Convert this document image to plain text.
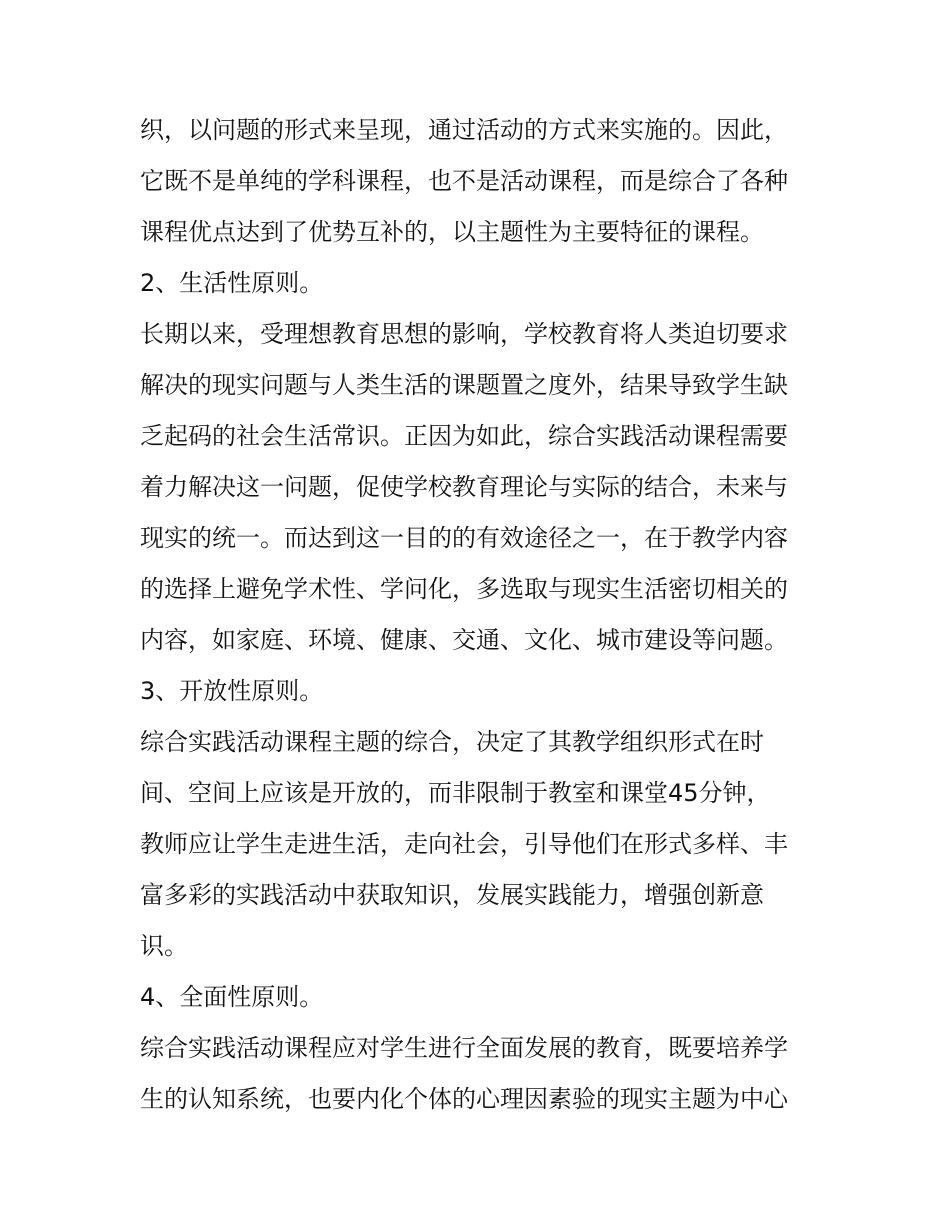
织，以问题的形式来呈现，通过活动的方式来实施的。因此，
它既不是单纯的学科课程，也不是活动课程，而是综合了各种
课程优点达到了优势互补的，以主题性为主要特征的课程。
2、生活性原则。
长期以来，受理想教育思想的影响，学校教育将人类迫切要求
解决的现实问题与人类生活的课题置之度外，结果导致学生缺
乏起码的社会生活常识。正因为如此，综合实践活动课程需要
着力解决这一问题，促使学校教育理论与实际的结合，未来与
现实的统一。而达到这一目的的有效途径之一，在于教学内容
的选择上避免学术性、学问化，多选取与现实生活密切相关的
内容，如家庭、环境、健康、交通、文化、城市建设等问题。
3、开放性原则。
综合实践活动课程主题的综合，决定了其教学组织形式在时
间、空间上应该是开放的，而非限制于教室和课堂45分钟，
教师应让学生走进生活，走向社会，引导他们在形式多样、丰
富多彩的实践活动中获取知识，发展实践能力，增强创新意
识。
4、全面性原则。
综合实践活动课程应对学生进行全面发展的教育，既要培养学
生的认知系统，也要内化个体的心理因素验的现实主题为中心
